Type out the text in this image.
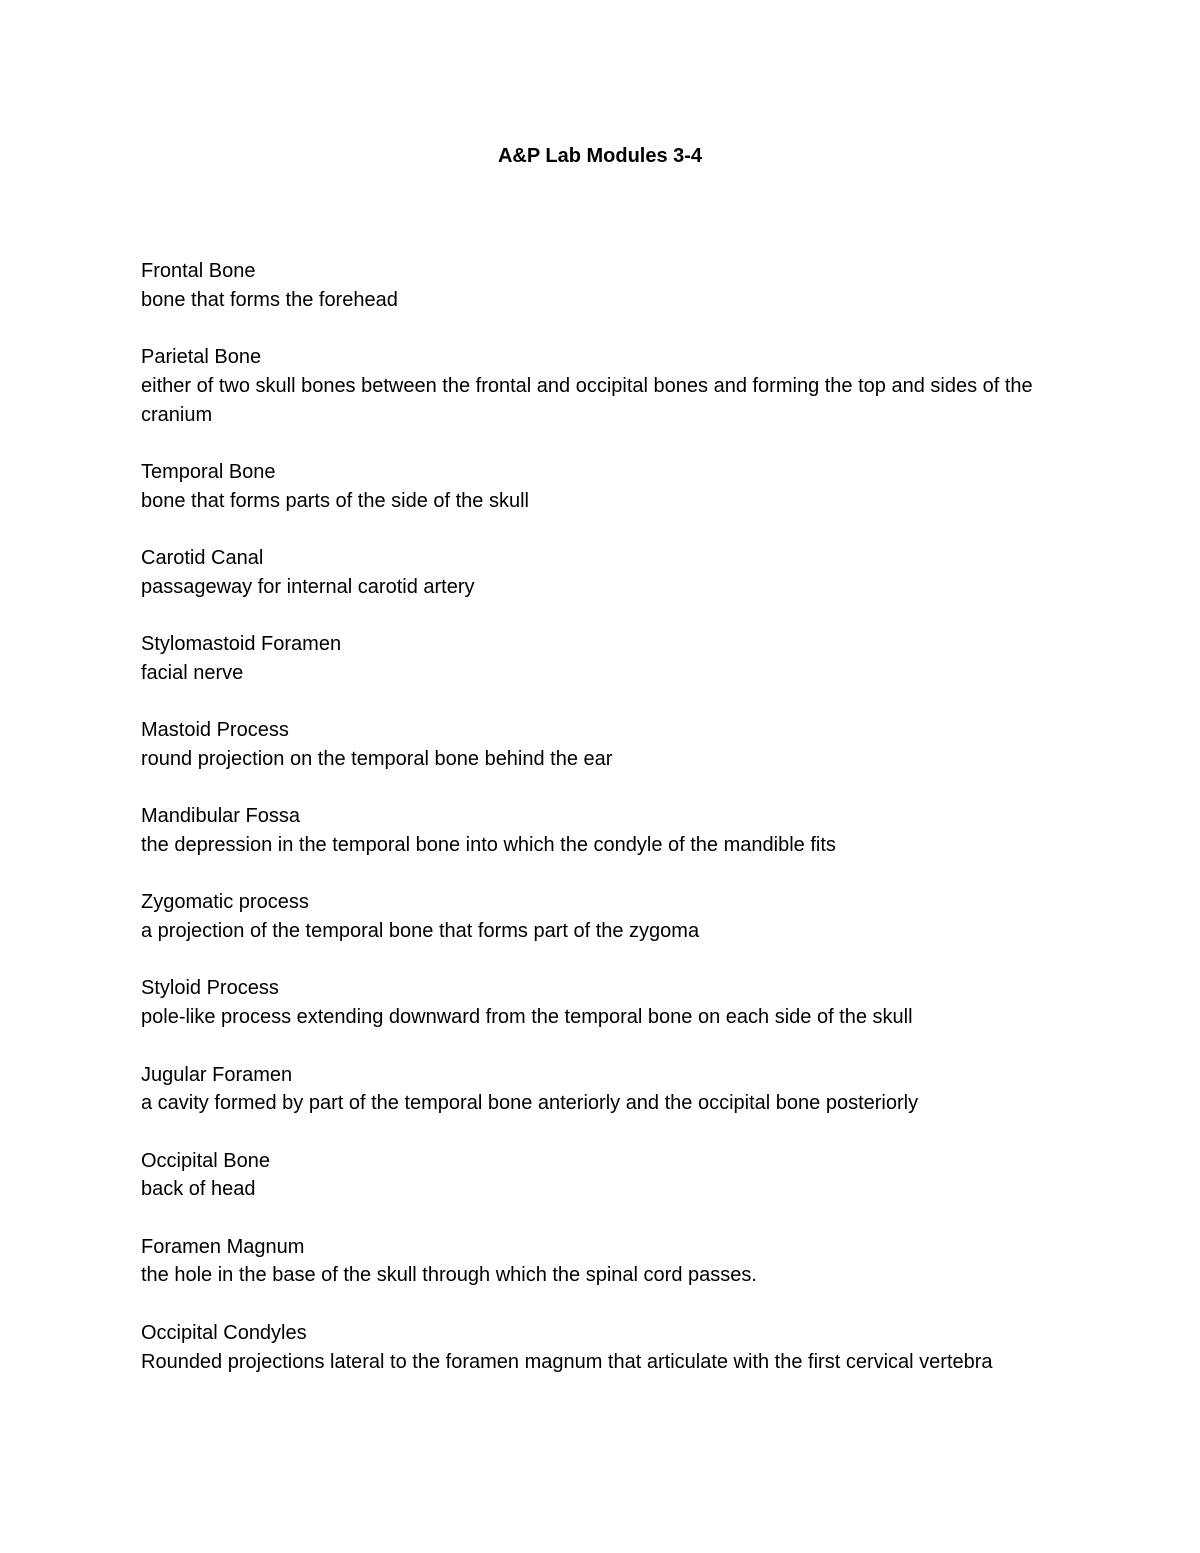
A&P Lab Modules 3-4
Frontal Bone
bone that forms the forehead
Parietal Bone
either of two skull bones between the frontal and occipital bones and forming the top and sides of the cranium
Temporal Bone
bone that forms parts of the side of the skull
Carotid Canal
passageway for internal carotid artery
Stylomastoid Foramen
facial nerve
Mastoid Process
round projection on the temporal bone behind the ear
Mandibular Fossa
the depression in the temporal bone into which the condyle of the mandible fits
Zygomatic process
a projection of the temporal bone that forms part of the zygoma
Styloid Process
pole-like process extending downward from the temporal bone on each side of the skull
Jugular Foramen
a cavity formed by part of the temporal bone anteriorly and the occipital bone posteriorly
Occipital Bone
back of head
Foramen Magnum
the hole in the base of the skull through which the spinal cord passes.
Occipital Condyles
Rounded projections lateral to the foramen magnum that articulate with the first cervical vertebra
